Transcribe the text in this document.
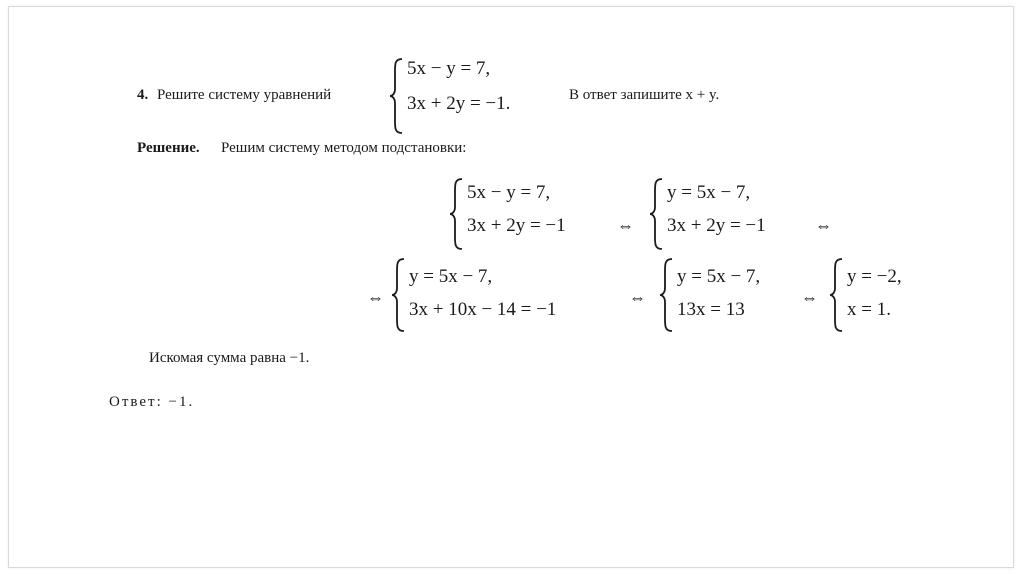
4. Решите систему уравнений
5x − y = 7,
3x + 2y = −1.	В ответ запишите x + y.
Решение. Решим систему методом подстановки:
5x − y = 7,
3x + 2y = −1	⇔
y = 5x − 7,
3x + 2y = −1	⇔
⇔
y = 5x − 7,
3x + 10x − 14 = −1
⇔
y = 5x − 7,
13x = 13
⇔
y = −2,
x = 1.
Искомая сумма равна −1.
Ответ: −1.
